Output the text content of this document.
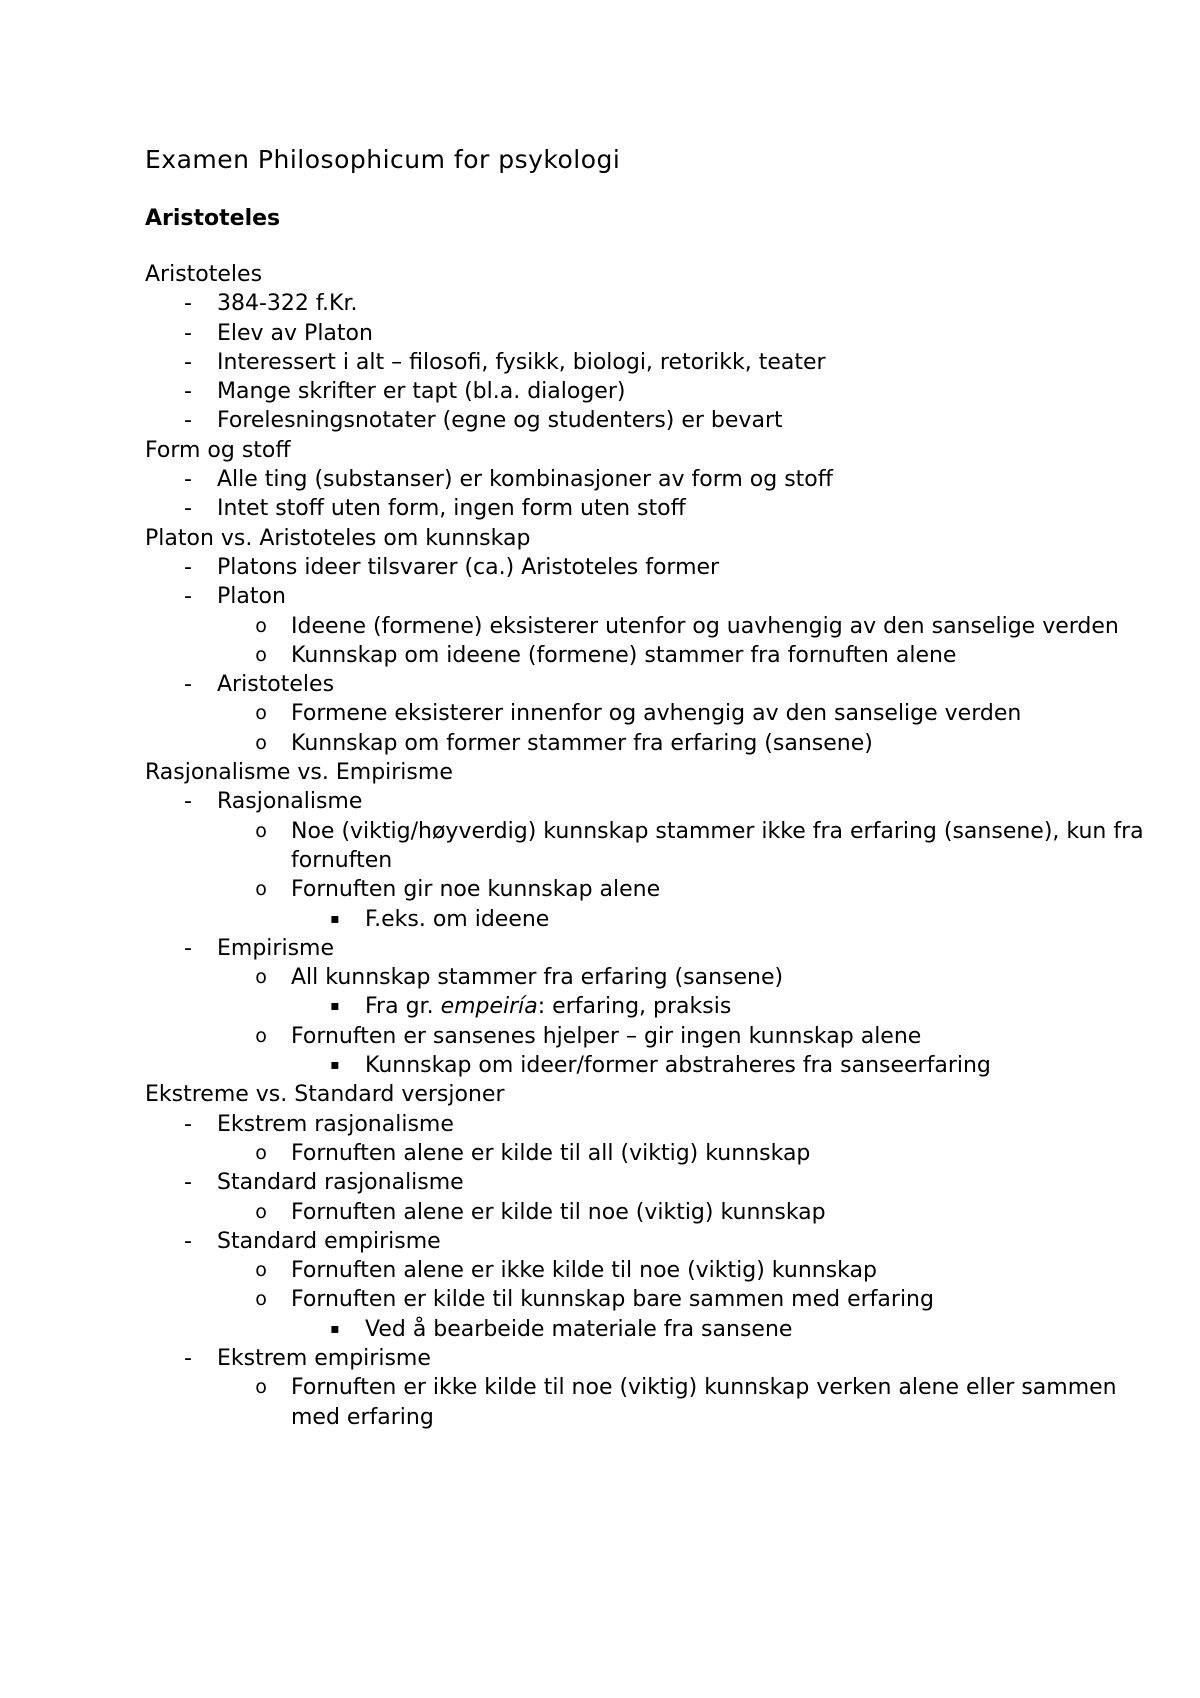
Examen Philosophicum for psykologi
Aristoteles
Aristoteles
- 384-322 f.Kr.
- Elev av Platon
- Interessert i alt – filosofi, fysikk, biologi, retorikk, teater
- Mange skrifter er tapt (bl.a. dialoger)
- Forelesningsnotater (egne og studenters) er bevart
Form og stoff
- Alle ting (substanser) er kombinasjoner av form og stoff
- Intet stoff uten form, ingen form uten stoff
Platon vs. Aristoteles om kunnskap
- Platons ideer tilsvarer (ca.) Aristoteles former
- Platon
o Ideene (formene) eksisterer utenfor og uavhengig av den sanselige verden
o Kunnskap om ideene (formene) stammer fra fornuften alene
- Aristoteles
o Formene eksisterer innenfor og avhengig av den sanselige verden
o Kunnskap om former stammer fra erfaring (sansene)
Rasjonalisme vs. Empirisme
- Rasjonalisme
o Noe (viktig/høyverdig) kunnskap stammer ikke fra erfaring (sansene), kun fra fornuften
o Fornuften gir noe kunnskap alene
▪ F.eks. om ideene
- Empirisme
o All kunnskap stammer fra erfaring (sansene)
▪ Fra gr. empeiría: erfaring, praksis
o Fornuften er sansenes hjelper – gir ingen kunnskap alene
▪ Kunnskap om ideer/former abstraheres fra sanseerfaring
Ekstreme vs. Standard versjoner
- Ekstrem rasjonalisme
o Fornuften alene er kilde til all (viktig) kunnskap
- Standard rasjonalisme
o Fornuften alene er kilde til noe (viktig) kunnskap
- Standard empirisme
o Fornuften alene er ikke kilde til noe (viktig) kunnskap
o Fornuften er kilde til kunnskap bare sammen med erfaring
▪ Ved å bearbeide materiale fra sansene
- Ekstrem empirisme
o Fornuften er ikke kilde til noe (viktig) kunnskap verken alene eller sammen med erfaring
